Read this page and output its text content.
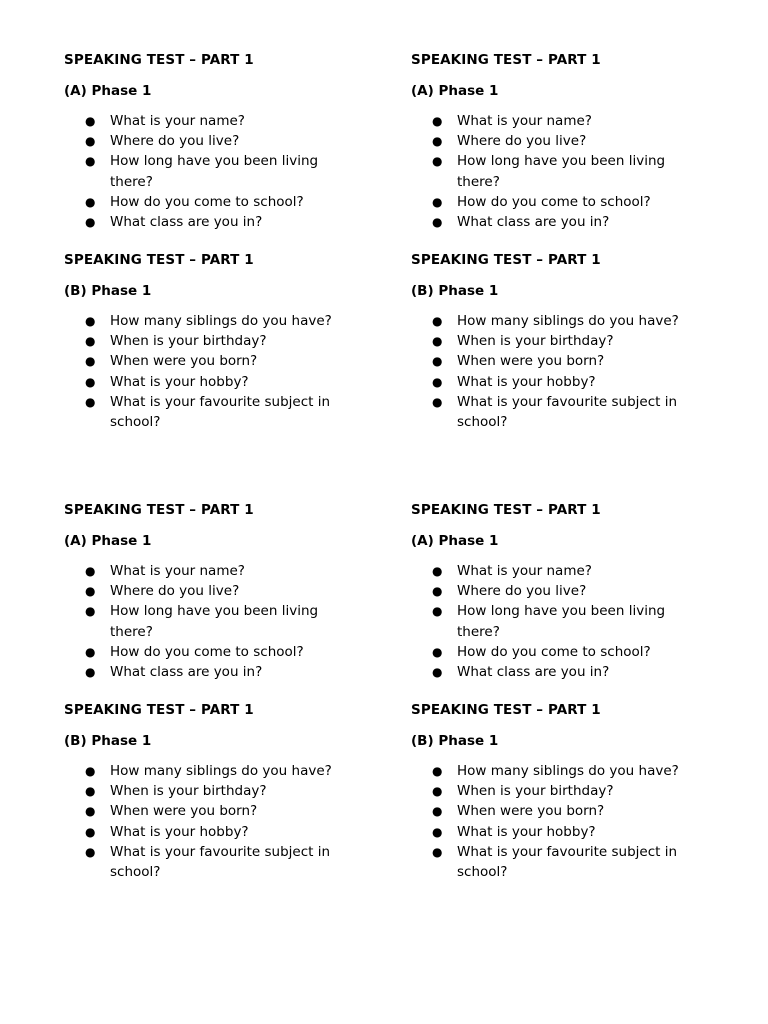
SPEAKING TEST – PART 1
(A) Phase 1
● What is your name?
● Where do you live?
● How long have you been living there?
● How do you come to school?
● What class are you in?
SPEAKING TEST – PART 1
(A) Phase 1
● What is your name?
● Where do you live?
● How long have you been living there?
● How do you come to school?
● What class are you in?
SPEAKING TEST – PART 1
(B) Phase 1
● How many siblings do you have?
● When is your birthday?
● When were you born?
● What is your hobby?
● What is your favourite subject in school?
SPEAKING TEST – PART 1
(B) Phase 1
● How many siblings do you have?
● When is your birthday?
● When were you born?
● What is your hobby?
● What is your favourite subject in school?
SPEAKING TEST – PART 1
(A) Phase 1
● What is your name?
● Where do you live?
● How long have you been living there?
● How do you come to school?
● What class are you in?
SPEAKING TEST – PART 1
(A) Phase 1
● What is your name?
● Where do you live?
● How long have you been living there?
● How do you come to school?
● What class are you in?
SPEAKING TEST – PART 1
(B) Phase 1
● How many siblings do you have?
● When is your birthday?
● When were you born?
● What is your hobby?
● What is your favourite subject in school?
SPEAKING TEST – PART 1
(B) Phase 1
● How many siblings do you have?
● When is your birthday?
● When were you born?
● What is your hobby?
● What is your favourite subject in school?
